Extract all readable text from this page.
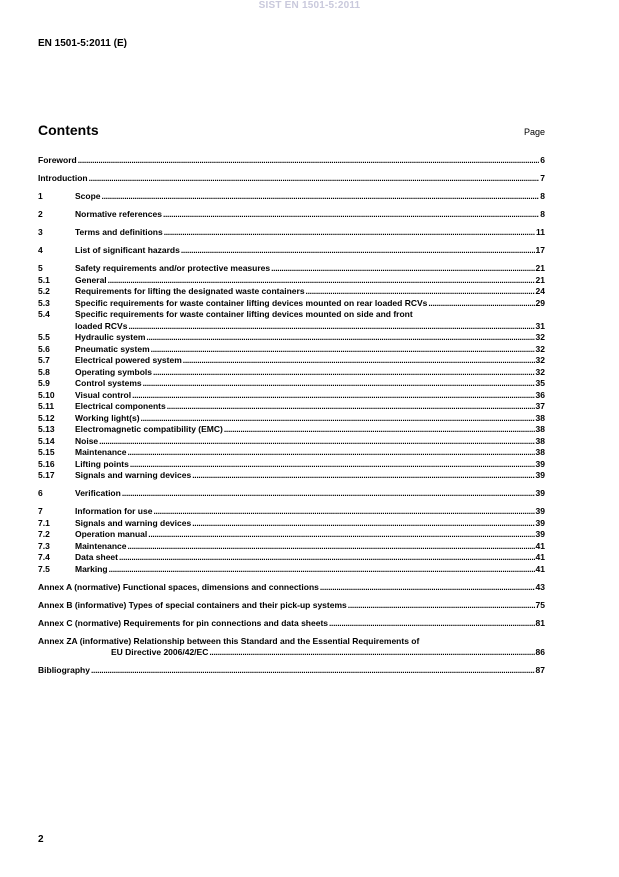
SIST EN 1501-5:2011
EN 1501-5:2011 (E)
Contents	Page
Foreword .....	6
Introduction .....	7
1	Scope .....	8
2	Normative references .....	8
3	Terms and definitions .....	11
4	List of significant hazards .....	17
5	Safety requirements and/or protective measures .....	21
5.1	General .....	21
5.2	Requirements for lifting the designated waste containers .....	24
5.3	Specific requirements for waste container lifting devices mounted on rear loaded RCVs .....	29
5.4	Specific requirements for waste container lifting devices mounted on side and front
loaded RCVs .....	31
5.5	Hydraulic system .....	32
5.6	Pneumatic system .....	32
5.7	Electrical powered system .....	32
5.8	Operating symbols .....	32
5.9	Control systems .....	35
5.10	Visual control .....	36
5.11	Electrical components .....	37
5.12	Working light(s) .....	38
5.13	Electromagnetic compatibility (EMC) .....	38
5.14	Noise .....	38
5.15	Maintenance .....	38
5.16	Lifting points .....	39
5.17	Signals and warning devices .....	39
6	Verification .....	39
7	Information for use .....	39
7.1	Signals and warning devices .....	39
7.2	Operation manual .....	39
7.3	Maintenance .....	41
7.4	Data sheet .....	41
7.5	Marking .....	41
Annex A (normative) Functional spaces, dimensions and connections .....	43
Annex B (informative) Types of special containers and their pick-up systems .....	75
Annex C (normative) Requirements for pin connections and data sheets .....	81
Annex ZA (informative) Relationship between this Standard and the Essential Requirements of
EU Directive 2006/42/EC .....	86
Bibliography .....	87
2
